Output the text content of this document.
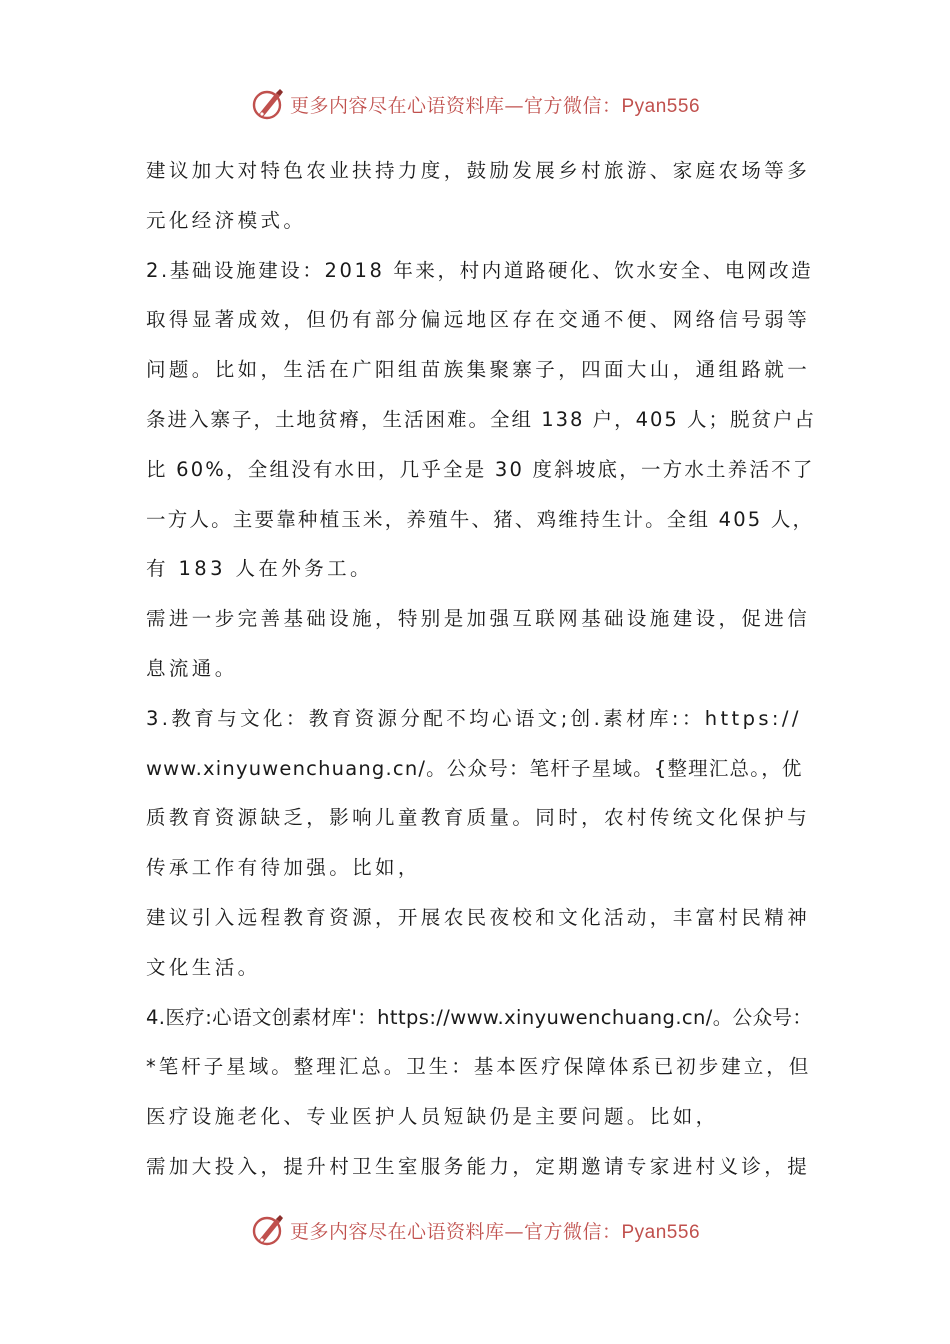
更多内容尽在心语资料库—官方微信：Pyan556
建议加大对特色农业扶持力度，鼓励发展乡村旅游、家庭农场等多
元化经济模式。
2.基础设施建设：2018 年来，村内道路硬化、饮水安全、电网改造
取得显著成效，但仍有部分偏远地区存在交通不便、网络信号弱等
问题。比如，生活在广阳组苗族集聚寨子，四面大山，通组路就一
条进入寨子，土地贫瘠，生活困难。全组 138 户，405 人；脱贫户占
比 60%，全组没有水田，几乎全是 30 度斜坡底，一方水土养活不了
一方人。主要靠种植玉米，养殖牛、猪、鸡维持生计。全组 405 人，
有 183 人在外务工。
需进一步完善基础设施，特别是加强互联网基础设施建设，促进信
息流通。
3.教育与文化：教育资源分配不均心语文;创.素材库:：https://
www.xinyuwenchuang.cn/。公众号：笔杆子星域。{整理汇总。，优
质教育资源缺乏，影响儿童教育质量。同时，农村传统文化保护与
传承工作有待加强。比如，
建议引入远程教育资源，开展农民夜校和文化活动，丰富村民精神
文化生活。
4.医疗:心语文创素材库'：https://www.xinyuwenchuang.cn/。公众号：
*笔杆子星域。整理汇总。卫生：基本医疗保障体系已初步建立，但
医疗设施老化、专业医护人员短缺仍是主要问题。比如，
需加大投入，提升村卫生室服务能力，定期邀请专家进村义诊，提
更多内容尽在心语资料库—官方微信：Pyan556
